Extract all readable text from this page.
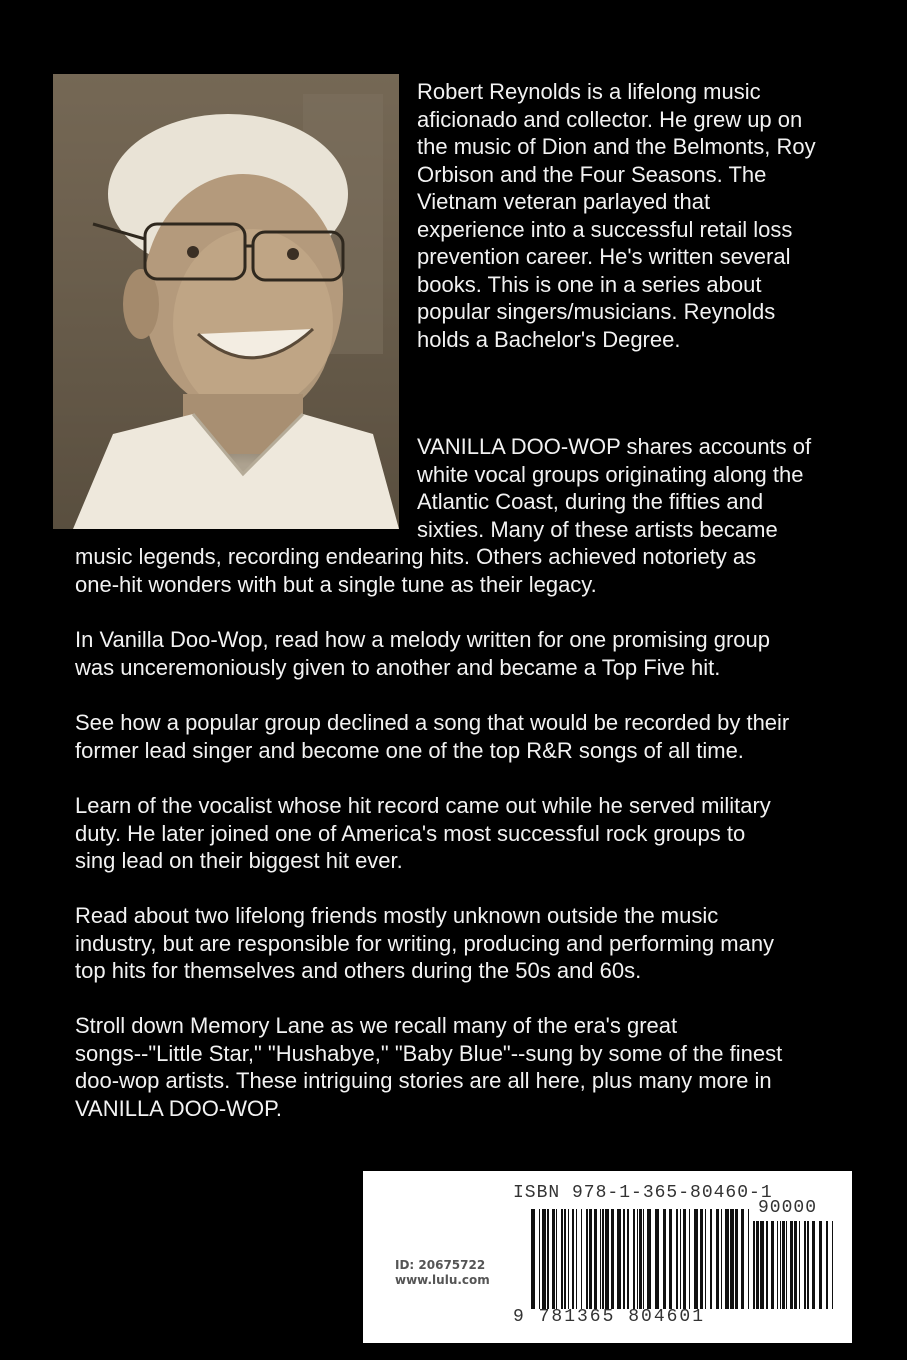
Robert Reynolds is a lifelong music
aficionado and collector. He grew up on
the music of Dion and the Belmonts, Roy
Orbison and the Four Seasons. The
Vietnam veteran parlayed that
experience into a successful retail loss
prevention career. He's written several
books. This is one in a series about
popular singers/musicians. Reynolds
holds a Bachelor's Degree.
VANILLA DOO-WOP shares accounts of
white vocal groups originating along the
Atlantic Coast, during the fifties and
sixties. Many of these artists became
music legends, recording endearing hits. Others achieved notoriety as
one-hit wonders with but a single tune as their legacy.
In Vanilla Doo-Wop, read how a melody written for one promising group
was unceremoniously given to another and became a Top Five hit.
See how a popular group declined a song that would be recorded by their
former lead singer and become one of the top R&R songs of all time.
Learn of the vocalist whose hit record came out while he served military
duty. He later joined one of America's most successful rock groups to
sing lead on their biggest hit ever.
Read about two lifelong friends mostly unknown outside the music
industry, but are responsible for writing, producing and performing many
top hits for themselves and others during the 50s and 60s.
Stroll down Memory Lane as we recall many of the era's great
songs--"Little Star," "Hushabye," "Baby Blue"--sung by some of the finest
doo-wop artists. These intriguing stories are all here, plus many more in
VANILLA DOO-WOP.
ISBN 978-1-365-80460-1
90000
ID: 20675722
www.lulu.com
9 781365 804601
